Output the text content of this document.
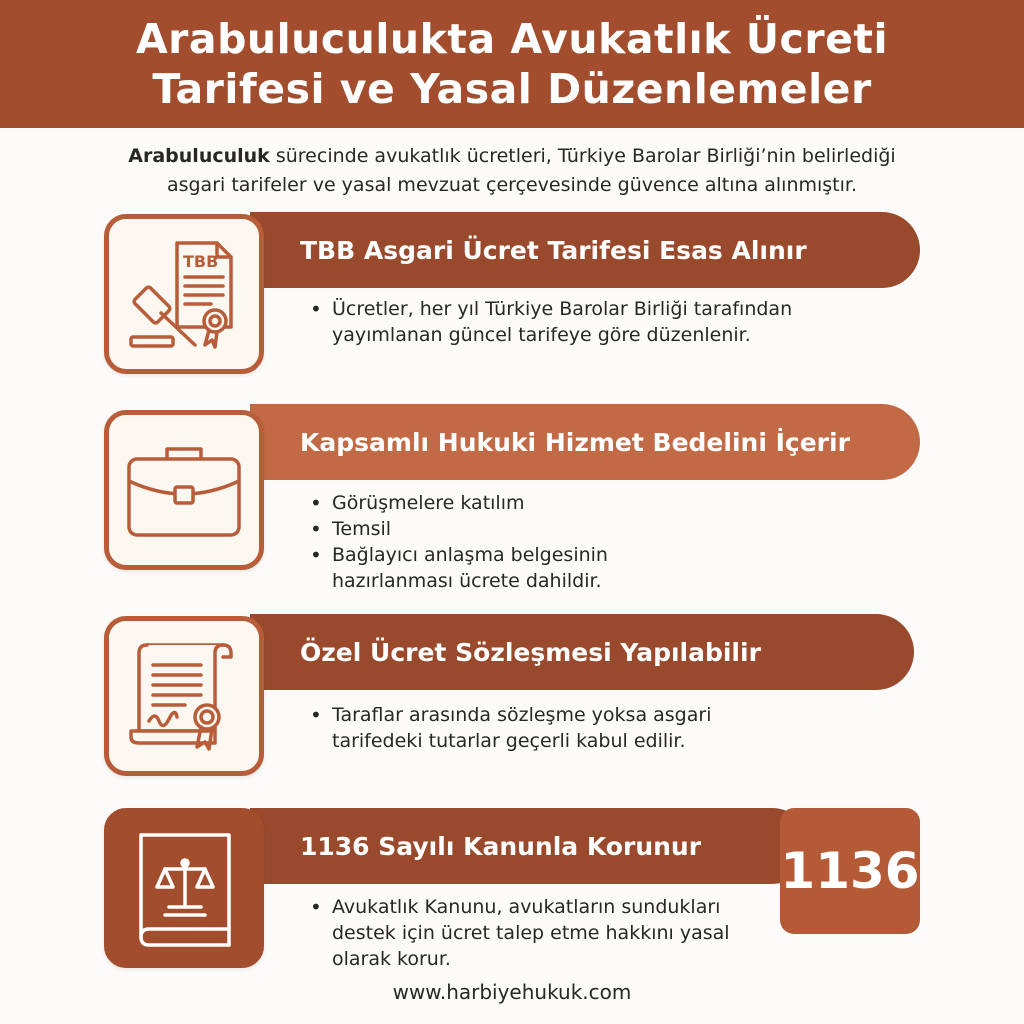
Arabuluculukta Avukatlık Ücreti
Tarifesi ve Yasal Düzenlemeler
Arabuluculuk sürecinde avukatlık ücretleri, Türkiye Barolar Birliği’nin belirlediği
asgari tarifeler ve yasal mevzuat çerçevesinde güvence altına alınmıştır.
TBB Asgari Ücret Tarifesi Esas Alınır
TBB
• Ücretler, her yıl Türkiye Barolar Birliği tarafından
yayımlanan güncel tarifeye göre düzenlenir.
Kapsamlı Hukuki Hizmet Bedelini İçerir
• Görüşmelere katılım
• Temsil
• Bağlayıcı anlaşma belgesinin
hazırlanması ücrete dahildir.
Özel Ücret Sözleşmesi Yapılabilir
• Taraflar arasında sözleşme yoksa asgari
tarifedeki tutarlar geçerli kabul edilir.
1136 Sayılı Kanunla Korunur 1136
• Avukatlık Kanunu, avukatların sundukları
destek için ücret talep etme hakkını yasal
olarak korur.
www.harbiyehukuk.com
